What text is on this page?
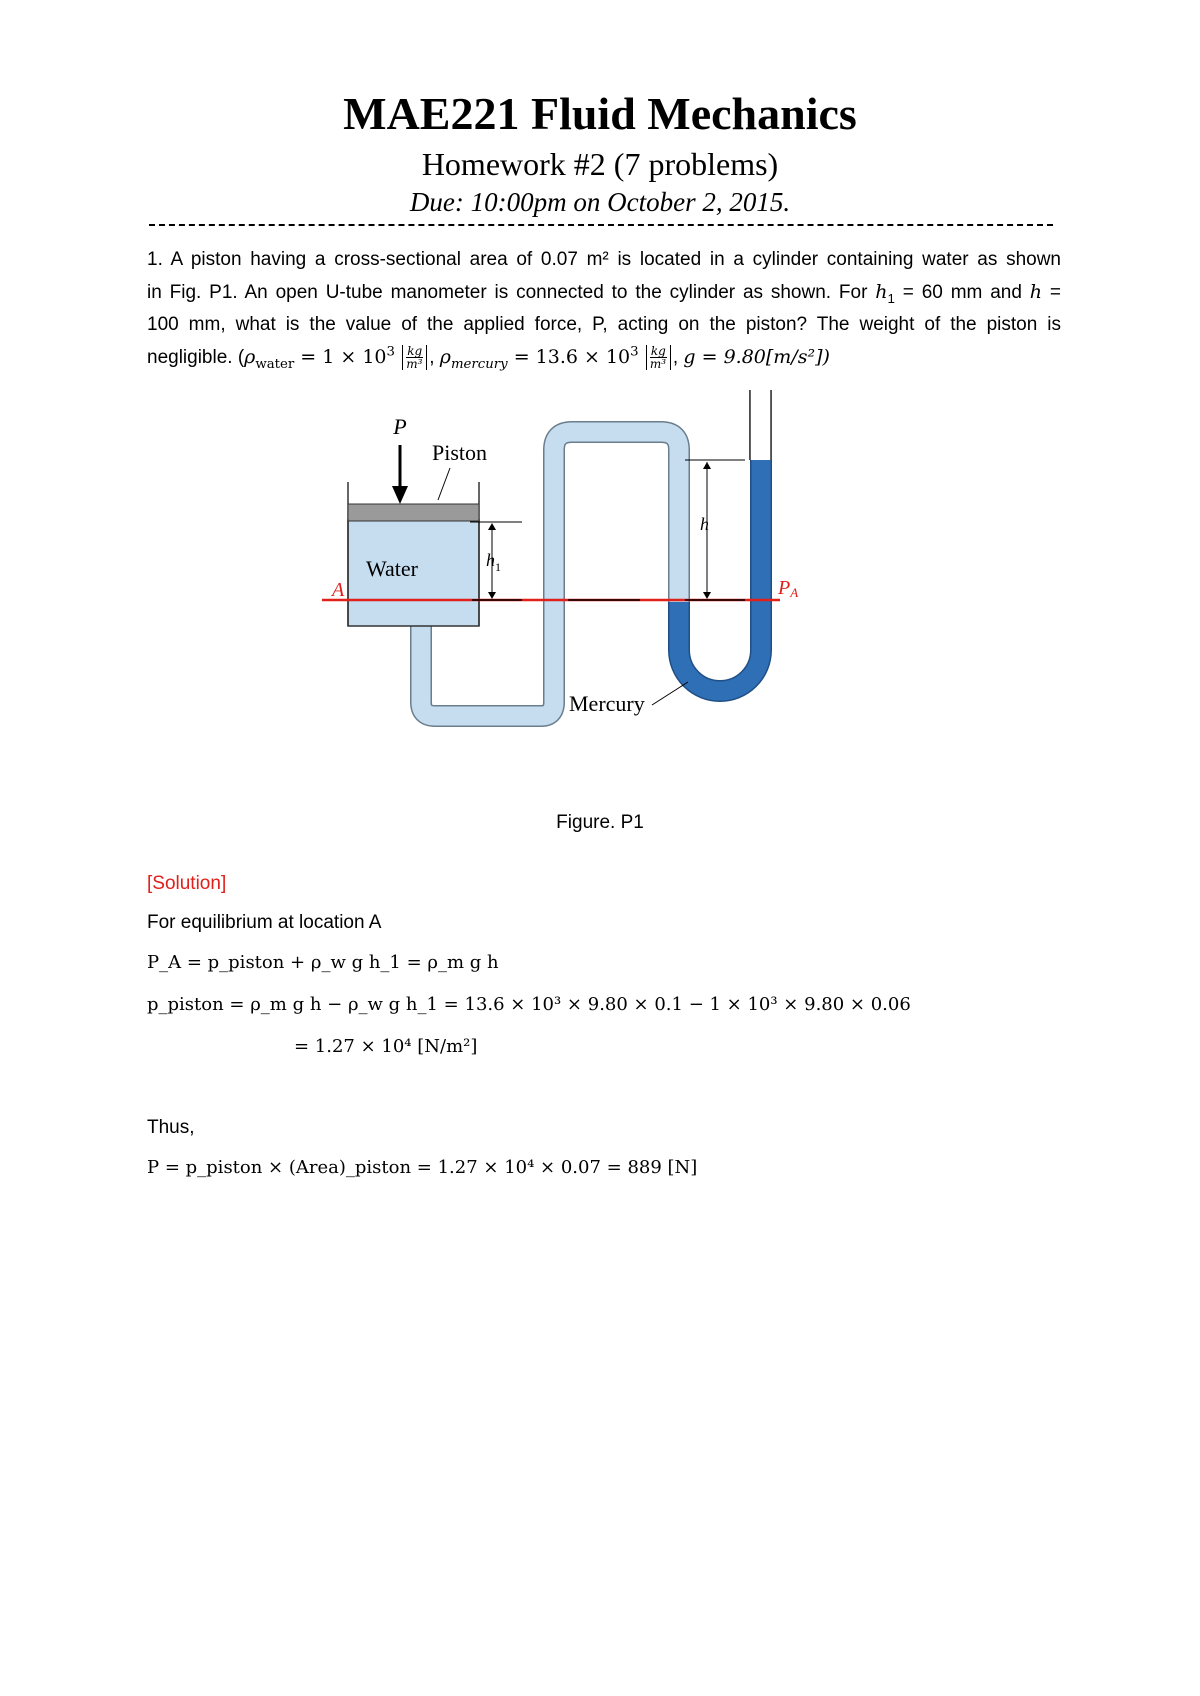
MAE221 Fluid Mechanics
Homework #2 (7 problems)
Due: 10:00pm on October 2, 2015.
1. A piston having a cross-sectional area of 0.07 m² is located in a cylinder containing water as shown
in Fig. P1. An open U-tube manometer is connected to the cylinder as shown. For $h_1 = 60$ mm and h =
100 mm, what is the value of the applied force, P, acting on the piston? The weight of the piston is
negligible. ($\rho_{water} = 1 \times 10^3 \frac{kg}{\text{m³}}$ , $\rho_{mercury} = 13.6 \times 10^3 \frac{kg}{\text{m³}}$ , g = 9.80[m/s²])
P
Piston
Water	$h_1$
h
A	PA
Mercury
Figure. P1
[Solution]
For equilibrium at location A
P_A = p_piston + ρ_w g h_1 = ρ_m g h
p_piston = ρ_m g h − ρ_w g h_1 = 13.6 × 10³ × 9.80 × 0.1 − 1 × 10³ × 9.80 × 0.06
= 1.27 × 10⁴ [N/m²]
Thus,
P = p_piston × (Area)_piston = 1.27 × 10⁴ × 0.07 = 889 [N]
